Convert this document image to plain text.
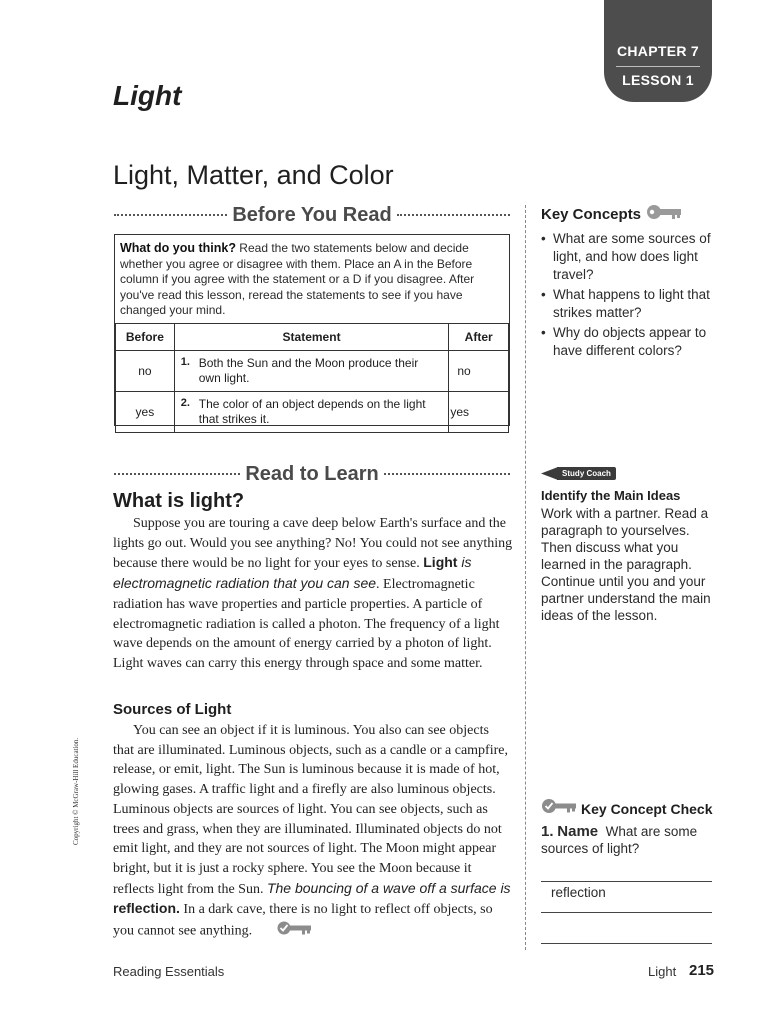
CHAPTER 7
LESSON 1
Light
Light, Matter, and Color
Before You Read
What do you think? Read the two statements below and decide whether you agree or disagree with them. Place an A in the Before column if you agree with the statement or a D if you disagree. After you've read this lesson, reread the statements to see if you have changed your mind.
Before	Statement	After
no	1. Both the Sun and the Moon produce their own light.	no
yes	2. The color of an object depends on the light that strikes it.	yes
Key Concepts
• What are some sources of light, and how does light travel?
• What happens to light that strikes matter?
• Why do objects appear to have different colors?
Read to Learn
What is light?
Suppose you are touring a cave deep below Earth's surface and the lights go out. Would you see anything? No! You could not see anything because there would be no light for your eyes to sense. Light is electromagnetic radiation that you can see. Electromagnetic radiation has wave properties and particle properties. A particle of electromagnetic radiation is called a photon. The frequency of a light wave depends on the amount of energy carried by a photon of light. Light waves can carry this energy through space and some matter.
Sources of Light
You can see an object if it is luminous. You also can see objects that are illuminated. Luminous objects, such as a candle or a campfire, release, or emit, light. The Sun is luminous because it is made of hot, glowing gases. A traffic light and a firefly are also luminous objects. Luminous objects are sources of light. You can see objects, such as trees and grass, when they are illuminated. Illuminated objects do not emit light, and they are not sources of light. The Moon might appear bright, but it is just a rocky sphere. You see the Moon because it reflects light from the Sun. The bouncing of a wave off a surface is reflection. In a dark cave, there is no light to reflect off objects, so you cannot see anything.
Study Coach
Identify the Main Ideas
Work with a partner. Read a paragraph to yourselves. Then discuss what you learned in the paragraph. Continue until you and your partner understand the main ideas of the lesson.
Key Concept Check
1. Name What are some sources of light?
reflection
Copyright © McGraw-Hill Education.
Reading Essentials	Light 215
